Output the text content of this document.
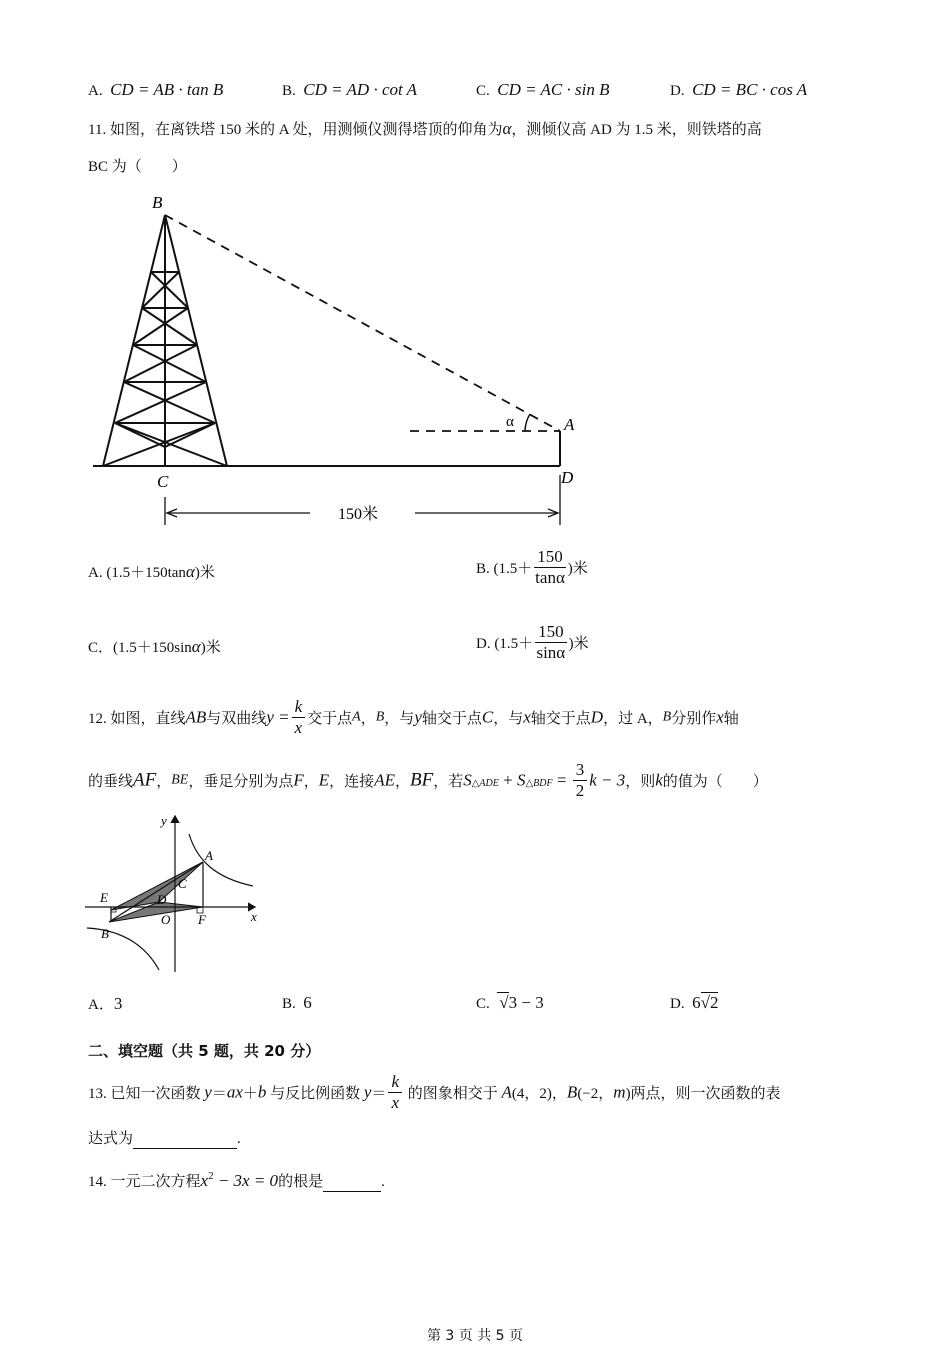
A. CD = AB · tan B	B. CD = AD · cot A	C. CD = AC · sin B	D. CD = BC · cos A
11. 如图，在离铁塔 150 米的 A 处，用测倾仪测得塔顶的仰角为α，测倾仪高 AD 为 1.5 米，则铁塔的高
BC 为（　　）
B
A
C	D
α
150米
A. (1.5＋150tanα)米	B. ($1.5+ \frac{150}{\tan\alpha}$ )米
C．(1.5＋150sinα)米	D. ($1.5+ \frac{150}{\sin\alpha}$ )米
12. 如图，直线AB与双曲线$y = \frac{k}{x}$ 交于点A，B，与y轴交于点C，与x轴交于点D，过 A，B分别作x轴
的垂线AF，BE，垂足分别为点F，E，连接AE，BF，若$S_{\triangle ADE} + S_{\triangle BDF} = \frac{3}{2}$ k − 3，则k的值为（　　）
y
x
A
C
E	D
O F
B
A．3	B. 6	C. √3 − 3	D. 6√2
二、填空题（共 5 题，共 20 分）
13. 已知一次函数 y＝ax＋b 与反比例函数 $y= \frac{k}{x}$ 的图象相交于 A(4，2)，B(−2，m)两点，则一次函数的表
达式为	.
14. 一元二次方程$x^2 - 3x = 0$的根是	.
第 3 页 共 5 页
